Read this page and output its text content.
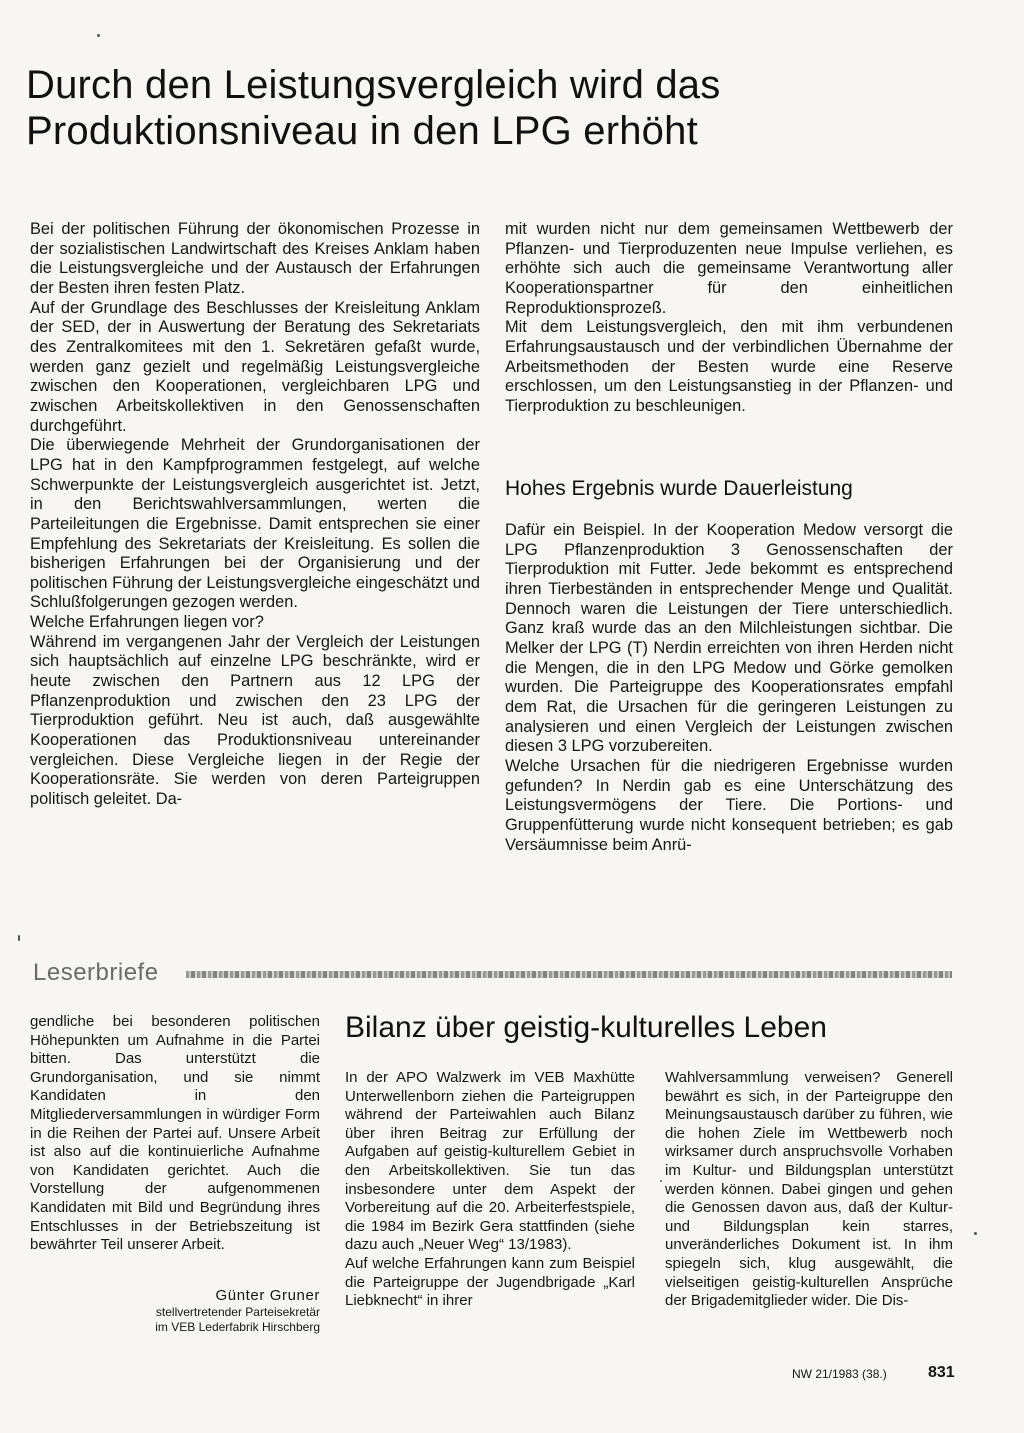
Durch den Leistungsvergleich wird das
Produktionsniveau in den LPG erhöht

Bei der politischen Führung der ökonomischen Prozesse in der sozialistischen Landwirtschaft des Kreises Anklam haben die Leistungsvergleiche und der Austausch der Erfahrungen der Besten ihren festen Platz.

Auf der Grundlage des Beschlusses der Kreisleitung Anklam der SED, der in Auswertung der Beratung des Sekretariats des Zentralkomitees mit den 1. Sekretären gefaßt wurde, werden ganz gezielt und regelmäßig Leistungsvergleiche zwischen den Kooperationen, vergleichbaren LPG und zwischen Arbeitskollektiven in den Genossenschaften durchgeführt.

Die überwiegende Mehrheit der Grundorganisationen der LPG hat in den Kampfprogrammen festgelegt, auf welche Schwerpunkte der Leistungsvergleich ausgerichtet ist. Jetzt, in den Berichtswahlversammlungen, werten die Parteileitungen die Ergebnisse. Damit entsprechen sie einer Empfehlung des Sekretariats der Kreisleitung. Es sollen die bisherigen Erfahrungen bei der Organisierung und der politischen Führung der Leistungsvergleiche eingeschätzt und Schlußfolgerungen gezogen werden.

Welche Erfahrungen liegen vor?

Während im vergangenen Jahr der Vergleich der Leistungen sich hauptsächlich auf einzelne LPG beschränkte, wird er heute zwischen den Partnern aus 12 LPG der Pflanzenproduktion und zwischen den 23 LPG der Tierproduktion geführt. Neu ist auch, daß ausgewählte Kooperationen das Produktionsniveau untereinander vergleichen. Diese Vergleiche liegen in der Regie der Kooperationsräte. Sie werden von deren Parteigruppen politisch geleitet. Da-

mit wurden nicht nur dem gemeinsamen Wettbewerb der Pflanzen- und Tierproduzenten neue Impulse verliehen, es erhöhte sich auch die gemeinsame Verantwortung aller Kooperationspartner für den einheitlichen Reproduktionsprozeß.

Mit dem Leistungsvergleich, den mit ihm verbundenen Erfahrungsaustausch und der verbindlichen Übernahme der Arbeitsmethoden der Besten wurde eine Reserve erschlossen, um den Leistungsanstieg in der Pflanzen- und Tierproduktion zu beschleunigen.

Hohes Ergebnis wurde Dauerleistung

Dafür ein Beispiel. In der Kooperation Medow versorgt die LPG Pflanzenproduktion 3 Genossenschaften der Tierproduktion mit Futter. Jede bekommt es entsprechend ihren Tierbeständen in entsprechender Menge und Qualität. Dennoch waren die Leistungen der Tiere unterschiedlich. Ganz kraß wurde das an den Milchleistungen sichtbar. Die Melker der LPG (T) Nerdin erreichten von ihren Herden nicht die Mengen, die in den LPG Medow und Görke gemolken wurden. Die Parteigruppe des Kooperationsrates empfahl dem Rat, die Ursachen für die geringeren Leistungen zu analysieren und einen Vergleich der Leistungen zwischen diesen 3 LPG vorzubereiten.

Welche Ursachen für die niedrigeren Ergebnisse wurden gefunden? In Nerdin gab es eine Unterschätzung des Leistungsvermögens der Tiere. Die Portions- und Gruppenfütterung wurde nicht konsequent betrieben; es gab Versäumnisse beim Anrü-

Leserbriefe

gendliche bei besonderen politischen Höhepunkten um Aufnahme in die Partei bitten. Das unterstützt die Grundorganisation, und sie nimmt Kandidaten in den Mitgliederversammlungen in würdiger Form in die Reihen der Partei auf. Unsere Arbeit ist also auf die kontinuierliche Aufnahme von Kandidaten gerichtet. Auch die Vorstellung der aufgenommenen Kandidaten mit Bild und Begründung ihres Entschlusses in der Betriebszeitung ist bewährter Teil unserer Arbeit.

Günter Gruner
stellvertretender Parteisekretär
im VEB Lederfabrik Hirschberg
Bilanz über geistig-kulturelles Leben

In der APO Walzwerk im VEB Maxhütte Unterwellenborn ziehen die Parteigruppen während der Parteiwahlen auch Bilanz über ihren Beitrag zur Erfüllung der Aufgaben auf geistig-kulturellem Gebiet in den Arbeitskollektiven. Sie tun das insbesondere unter dem Aspekt der Vorbereitung auf die 20. Arbeiterfestspiele, die 1984 im Bezirk Gera stattfinden (siehe dazu auch „Neuer Weg“ 13/1983).

Auf welche Erfahrungen kann zum Beispiel die Parteigruppe der Jugendbrigade „Karl Liebknecht“ in ihrer

Wahlversammlung verweisen? Generell bewährt es sich, in der Parteigruppe den Meinungsaustausch darüber zu führen, wie die hohen Ziele im Wettbewerb noch wirksamer durch anspruchsvolle Vorhaben im Kultur- und Bildungsplan unterstützt werden können. Dabei gingen und gehen die Genossen davon aus, daß der Kultur- und Bildungsplan kein starres, unveränderliches Dokument ist. In ihm spiegeln sich, klug ausgewählt, die vielseitigen geistig-kulturellen Ansprüche der Brigademitglieder wider. Die Dis-

NW 21/1983 (38.)	831
